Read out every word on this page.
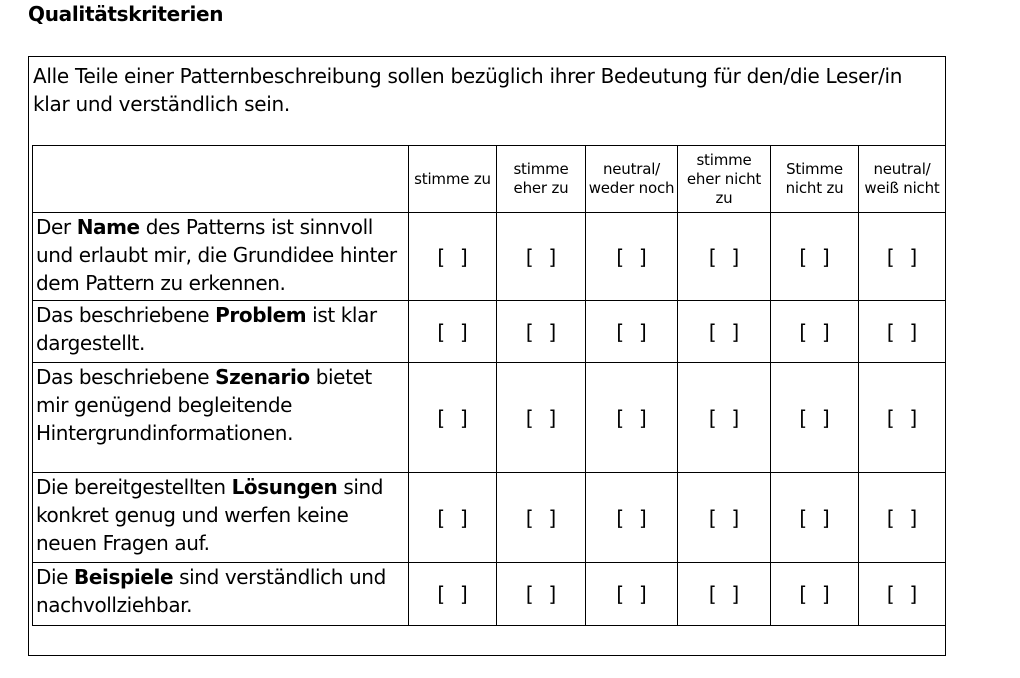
Qualitätskriterien
Alle Teile einer Patternbeschreibung sollen bezüglich ihrer Bedeutung für den/die Leser/in klar und verständlich sein.
	stimme zu	stimme eher zu	neutral/ weder noch	stimme eher nicht zu	Stimme nicht zu	neutral/ weiß nicht
Der Name des Patterns ist sinnvoll und erlaubt mir, die Grundidee hinter dem Pattern zu erkennen.	[ ]	[ ]	[ ]	[ ]	[ ]	[ ]
Das beschriebene Problem ist klar dargestellt.	[ ]	[ ]	[ ]	[ ]	[ ]	[ ]
Das beschriebene Szenario bietet mir genügend begleitende Hintergrundinformationen.	[ ]	[ ]	[ ]	[ ]	[ ]	[ ]
Die bereitgestellten Lösungen sind konkret genug und werfen keine neuen Fragen auf.	[ ]	[ ]	[ ]	[ ]	[ ]	[ ]
Die Beispiele sind verständlich und nachvollziehbar.	[ ]	[ ]	[ ]	[ ]	[ ]	[ ]
